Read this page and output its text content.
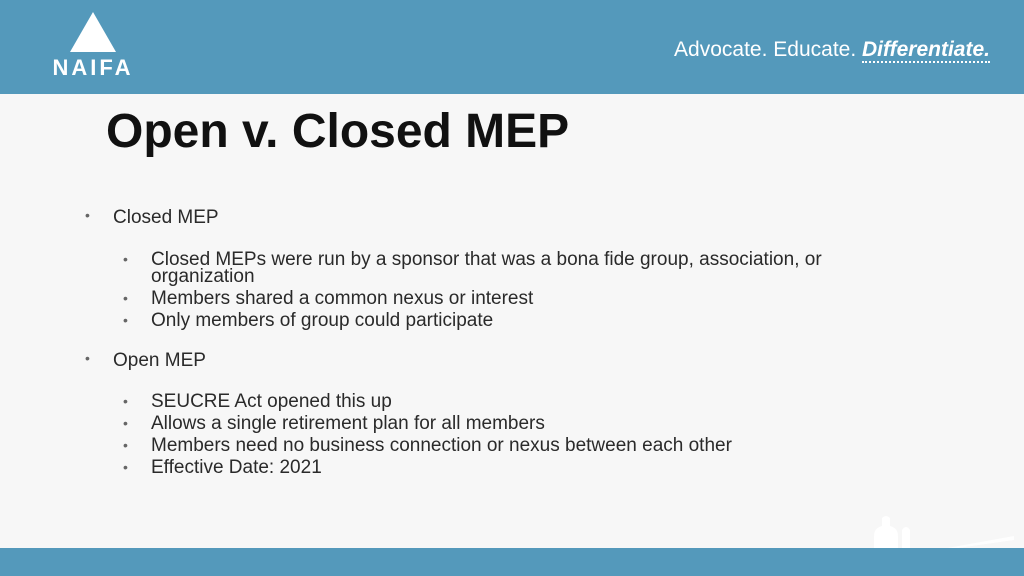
NAIFA
Advocate. Educate. Differentiate.
Open v. Closed MEP
• Closed MEP
• Closed MEPs were run by a sponsor that was a bona fide group, association, or organization
• Members shared a common nexus or interest
• Only members of group could participate
• Open MEP
• SEUCRE Act opened this up
• Allows a single retirement plan for all members
• Members need no business connection or nexus between each other
• Effective Date: 2021
